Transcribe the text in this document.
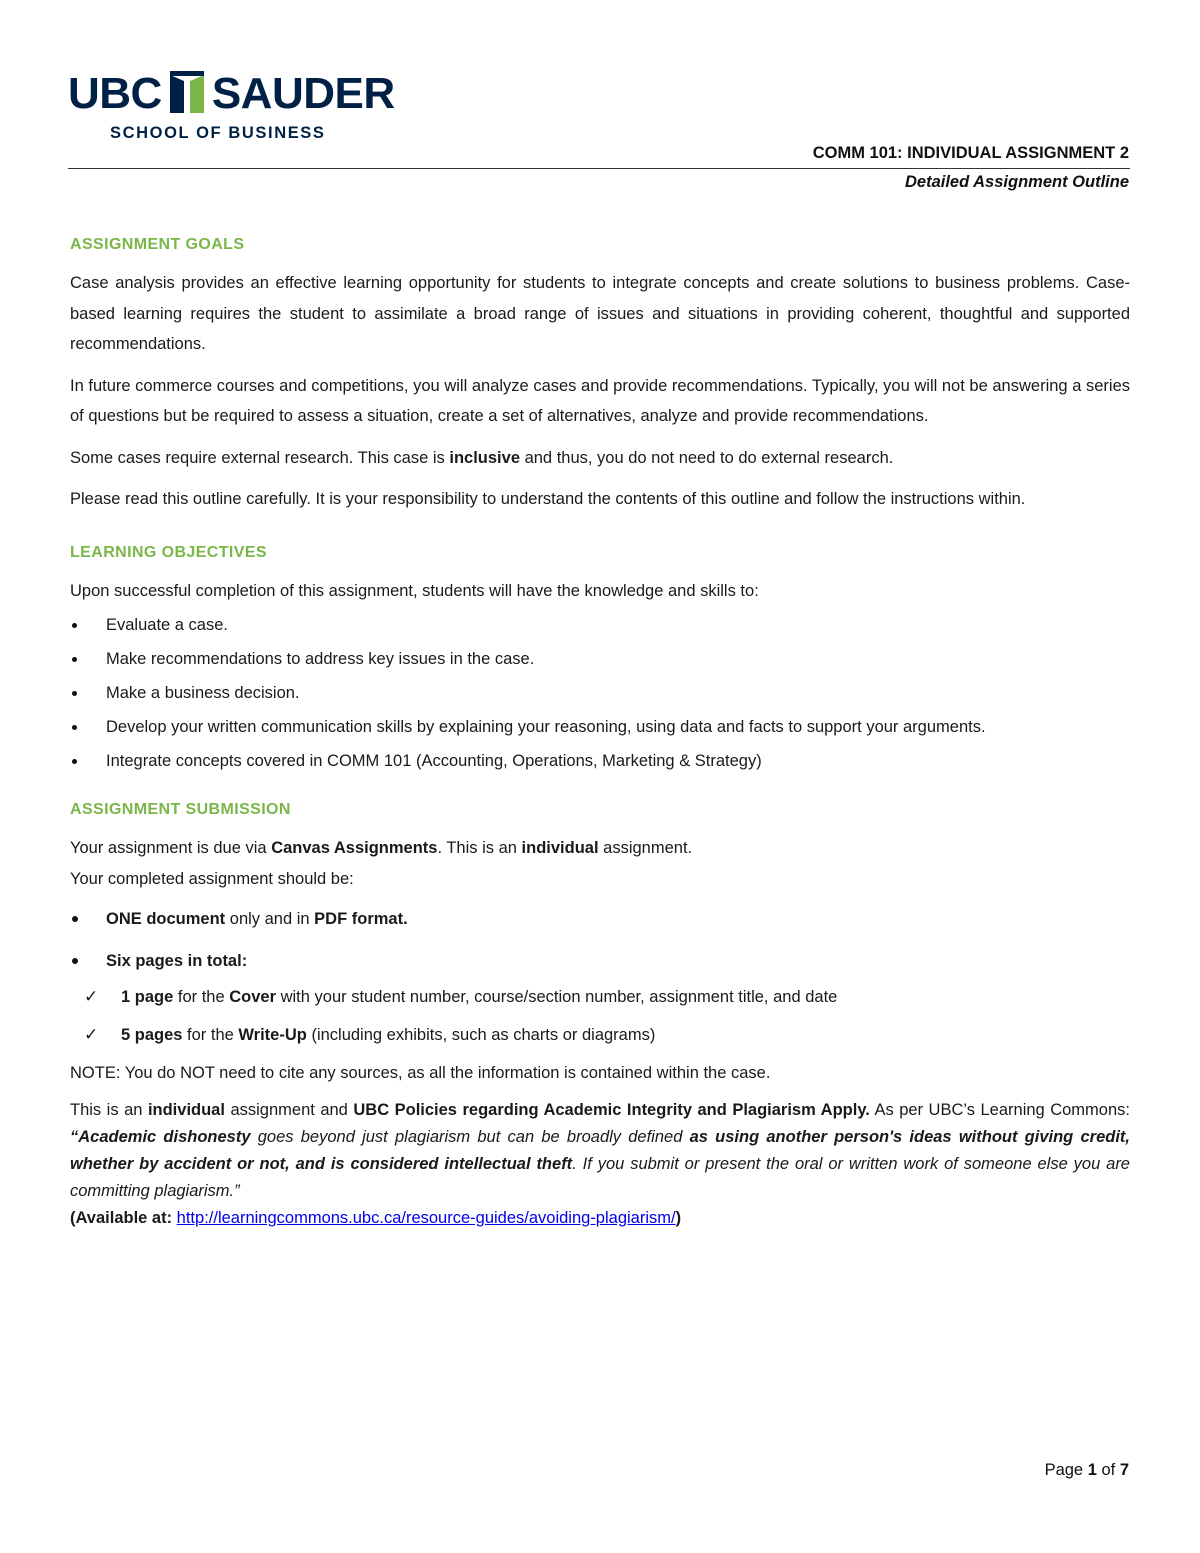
UBC SAUDER
SCHOOL OF BUSINESS
COMM 101: INDIVIDUAL ASSIGNMENT 2
Detailed Assignment Outline
ASSIGNMENT GOALS

Case analysis provides an effective learning opportunity for students to integrate concepts and create solutions to business problems. Case-based learning requires the student to assimilate a broad range of issues and situations in providing coherent, thoughtful and supported recommendations.

In future commerce courses and competitions, you will analyze cases and provide recommendations. Typically, you will not be answering a series of questions but be required to assess a situation, create a set of alternatives, analyze and provide recommendations.

Some cases require external research. This case is inclusive and thus, you do not need to do external research.

Please read this outline carefully. It is your responsibility to understand the contents of this outline and follow the instructions within.

LEARNING OBJECTIVES

Upon successful completion of this assignment, students will have the knowledge and skills to:

Evaluate a case.
Make recommendations to address key issues in the case.
Make a business decision.
Develop your written communication skills by explaining your reasoning, using data and facts to support your arguments.
Integrate concepts covered in COMM 101 (Accounting, Operations, Marketing & Strategy)
ASSIGNMENT SUBMISSION

Your assignment is due via Canvas Assignments. This is an individual assignment.

Your completed assignment should be:

ONE document only and in PDF format.
Six pages in total:
✓ 1 page for the Cover with your student number, course/section number, assignment title, and date
✓ 5 pages for the Write-Up (including exhibits, such as charts or diagrams)

NOTE: You do NOT need to cite any sources, as all the information is contained within the case.

This is an individual assignment and UBC Policies regarding Academic Integrity and Plagiarism Apply. As per UBC’s Learning Commons: “Academic dishonesty goes beyond just plagiarism but can be broadly defined as using another person's ideas without giving credit, whether by accident or not, and is considered intellectual theft. If you submit or present the oral or written work of someone else you are committing plagiarism.”

(Available at: http://learningcommons.ubc.ca/resource-guides/avoiding-plagiarism/)

Page 1 of 7
